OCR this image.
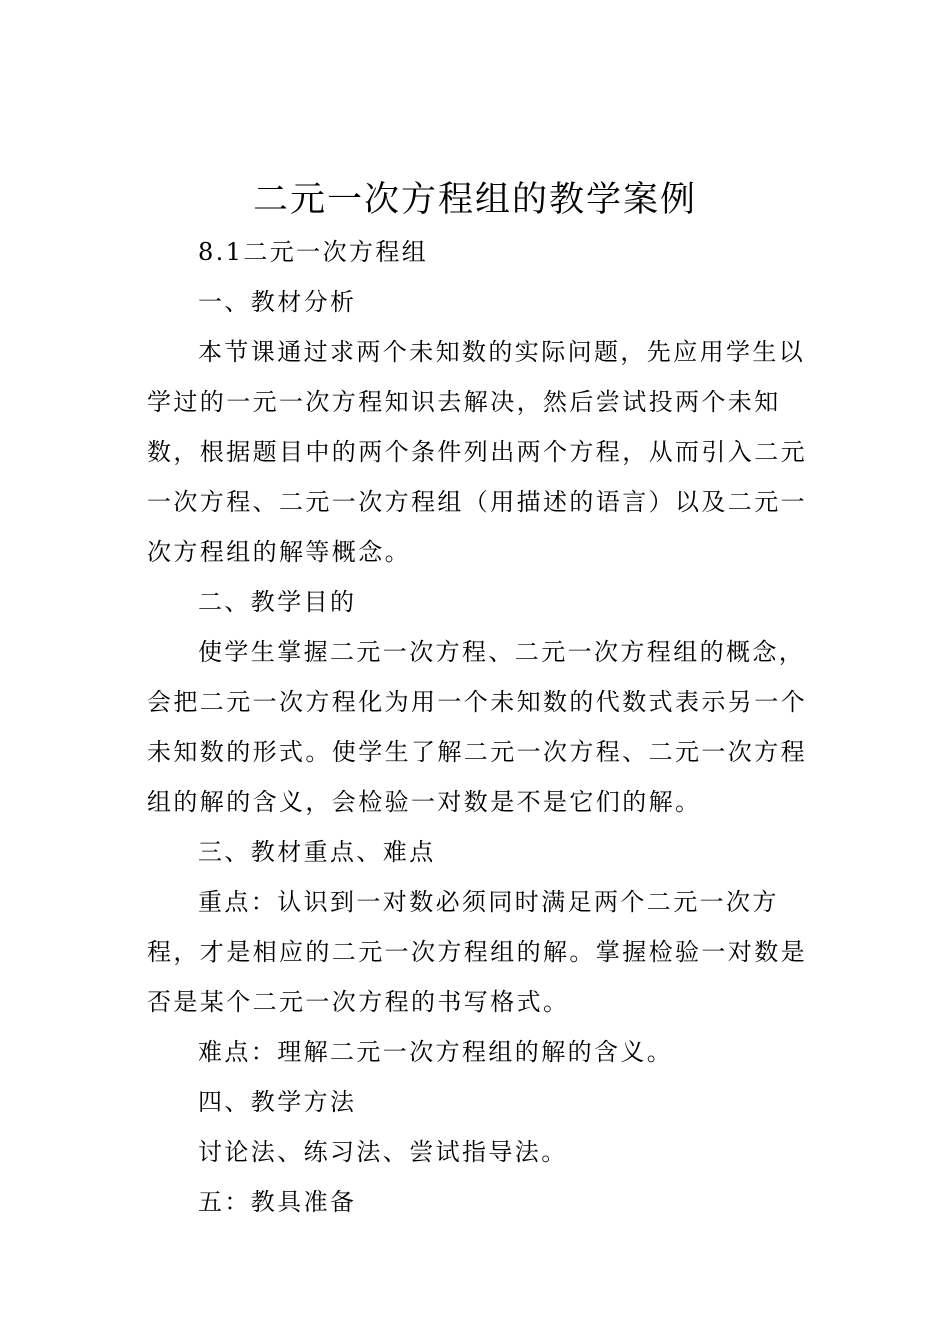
二元一次方程组的教学案例

8.1二元一次方程组

一、教材分析

本节课通过求两个未知数的实际问题，先应用学生以学过的一元一次方程知识去解决，然后尝试投两个未知数，根据题目中的两个条件列出两个方程，从而引入二元一次方程、二元一次方程组（用描述的语言）以及二元一次方程组的解等概念。

二、教学目的

使学生掌握二元一次方程、二元一次方程组的概念，会把二元一次方程化为用一个未知数的代数式表示另一个未知数的形式。使学生了解二元一次方程、二元一次方程组的解的含义，会检验一对数是不是它们的解。

三、教材重点、难点

重点：认识到一对数必须同时满足两个二元一次方程，才是相应的二元一次方程组的解。掌握检验一对数是否是某个二元一次方程的书写格式。

难点：理解二元一次方程组的解的含义。

四、教学方法

讨论法、练习法、尝试指导法。

五：教具准备
